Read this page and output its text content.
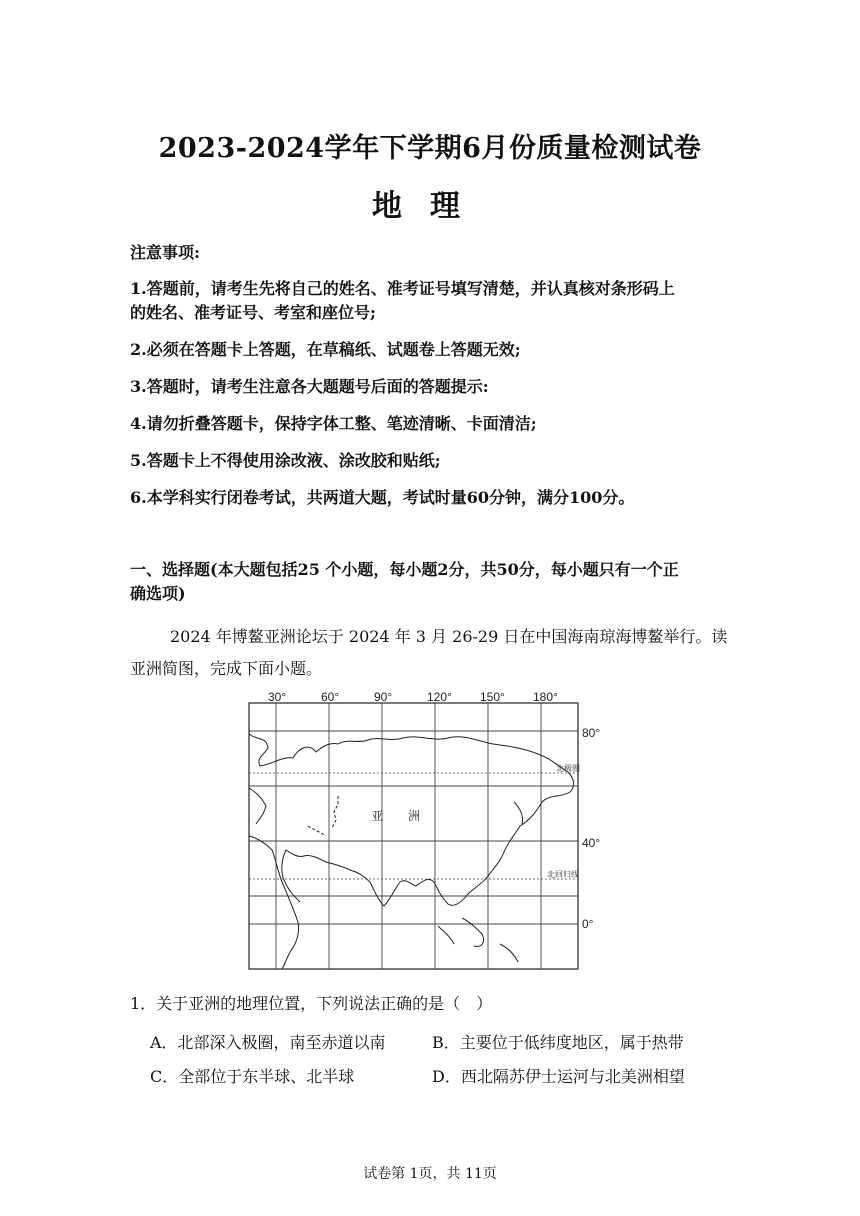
2023-2024学年下学期6月份质量检测试卷
地理
注意事项:
1.答题前，请考生先将自己的姓名、准考证号填写清楚，并认真核对条形码上
的姓名、准考证号、考室和座位号;
2.必须在答题卡上答题，在草稿纸、试题卷上答题无效;
3.答题时，请考生注意各大题题号后面的答题提示:
4.请勿折叠答题卡，保持字体工整、笔迹清晰、卡面清洁;
5.答题卡上不得使用涂改液、涂改胶和贴纸;
6.本学科实行闭卷考试，共两道大题，考试时量60分钟，满分100分。
一、选择题(本大题包括25 个小题，每小题2分，共50分，每小题只有一个正
确选项)
2024 年博鳌亚洲论坛于 2024 年 3 月 26-29 日在中国海南琼海博鳌举行。读
亚洲简图，完成下面小题。
30°	60°	90°	120° 150° 180°
80°
40°
0°
北极圈
北回归线
亚 洲
1．关于亚洲的地理位置，下列说法正确的是（　）
A．北部深入极圈，南至赤道以南	B．主要位于低纬度地区，属于热带
C．全部位于东半球、北半球	D．西北隔苏伊士运河与北美洲相望
试卷第 1页，共 11页
